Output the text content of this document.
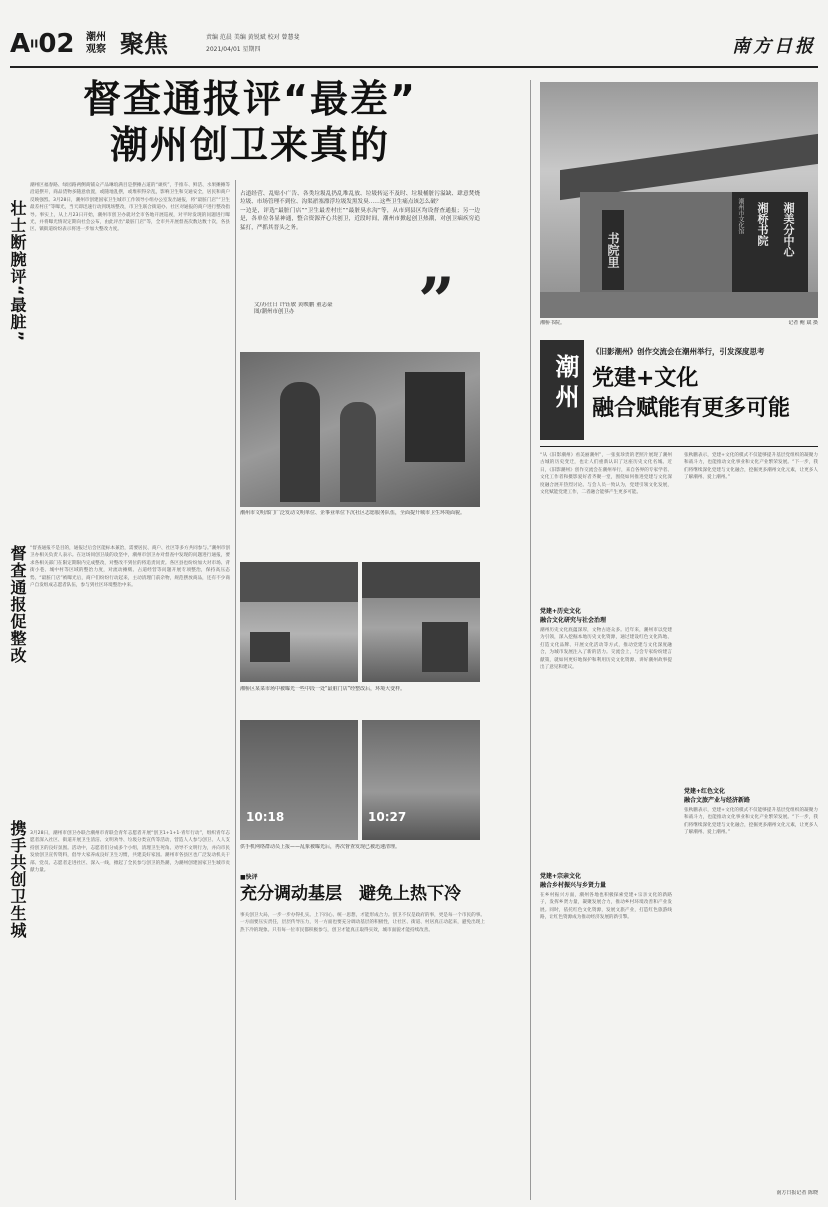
AII02 潮州
观察 聚焦	责编 范晨 美编 黄锐斌 校对 曾慧斐
2021/04/01 星期四	南方日报
督查通报评“最差”
潮州创卫来真的
壮士断腕评“最脏”
督查通报促整改
携手共创卫生城
潮州区福春路、绿园路两侧商铺众产品琳琅满目是摆摊占道的“顽疾”，手推车、鲜活、水果摊摊等沿道摆开，商品货物多随意放置，或随地乱摆，或堆积得杂乱，影响卫生和交通安全，居民和商户反映强烈。3月28日，潮州市创建国家卫生城市工作领导小组办公室发出通报，将“最脏门店”“卫生最差村庄”等曝光，当天即迅速行动到现场整改，市卫生联合街道办、社区对通报的商户进行整改指导。事实上，从上月23日开始，潮州市创卫办就对全市各地开展巡视，对平时发现的问题进行曝光，并将曝光情况定期向社会公布，由此评出“最脏门店”等，全市共开展督查次数达数十次，各县区、镇街道纷纷表示将进一步加大整改力度。
“督查通报不是目的，通报过后会区能标本兼治，需要居民、商户、社区等多方共同参与。”潮州市创卫办相关负责人表示。在这场同创卫战的攻坚中，潮州市创卫办对督查中发现的问题进行通报，要求各相关部门在限定期限内完成整改，对整改不到位的将追责问责。各区县也纷纷加大对市场、背街小巷、城中村等区域的整治力度，对流动摊贩、占道经营等问题开展专项整治，保持高压态势。“最脏门店”被曝光后，商户们纷纷行动起来，主动清理门前杂物，规范摆放商品，还有不少商户自发组成志愿者队伍，参与到社区环境整治中来。
3月28日，潮州市创卫办联合潮州市青联会青年志愿者开展“创卫1+1+1·青年行动”，组织青年志愿者深入社区、街道开展卫生清洁、文明劝导、垃圾分类宣传等活动，营造人人参与创卫、人人支持创卫的良好氛围。活动中，志愿者们分成多个小组，清理卫生死角、劝导不文明行为，并向市民发放创卫宣传资料，倡导大家养成良好卫生习惯，共建美好家园。潮州市各县区也广泛发动机关干部、党员、志愿者走进社区、深入一线，掀起了全民参与创卫的热潮，为潮州创建国家卫生城市贡献力量。
占道经营、乱贴小广告、各类垃圾乱扔乱堆乱放、垃圾转运不及时、垃圾桶脏污溢缺、肆意焚烧垃圾、市场管理不到位、沟渠淤塞漂浮垃圾发黑发臭……这些卫生痛点该怎么破？
一边是，评选“最脏门店”“卫生最差村庄”“最脏臭水沟”等，从市到县区均设督查通报；另一边是，各单位各显神通，整合资源齐心共创卫，近段时间，潮州市掀起创卫热潮，对创卫痼疾穷追猛打，严抓其晋头之务。
文/苏仕日 许钰敏 黄映鹏 董志豪
图/潮州市创卫办	”
潮州市文明部门广泛发动文明单位、企事业单位下沉社区志愿服务队伍，全面提升城市卫生环境面貌。
湘桥区某菜市场中被曝光一些中段一处“最脏门店”经整改后，环境大变样。
10:18	10:27
供手机网络群动员上报——乱象被曝光后，再次督查发现已被迅速清理。
■快评
充分调动基层　避免上热下冷
事关创卫大局，一步一步办得扎实。上下同心、统一思想，才能形成合力。创卫不仅是政府的事，更是每一个市民的事。一方面要压实责任，层层传导压力，另一方面也要充分调动基层的积极性，让社区、街道、村居真正动起来，避免出现上热下冷的现象。只有每一位市民都积极参与，创卫才能真正取得实效，城市面貌才能持续改善。
书院里
潮州市文化馆 湘桥书院 湘美分中心
湘桥书院。	记者 鲍 斌 摄
潮州
《旧影潮州》创作交流会在潮州举行，引发深度思考
党建+文化
融合赋能有更多可能
“从《旧影潮州》看美丽潮州”，一张张珍贵的老照片展现了潮州古城的历史变迁，也让人们重新认识了这座历史文化名城。近日，《旧影潮州》创作交流会在潮州举行，来自各界的专家学者、文化工作者和摄影爱好者齐聚一堂，围绕如何推进党建与文化深度融合展开热烈讨论。与会人员一致认为，党建引领文化发展，文化赋能党建工作，二者融合能够产生更多可能。
党建+历史文化
融合文化研究与社会治理
潮州历史文化底蕴深厚，文物古迹众多。近年来，潮州市以党建为引领，深入挖掘本地历史文化资源，通过建设红色文化阵地、打造文化品牌、开展文化活动等方式，推动党建与文化深度融合，为城市发展注入了新的活力。交流会上，与会专家纷纷建言献策，就如何更好地保护和利用历史文化资源、讲好潮州故事提出了意见和建议。
党建+宗亲文化
融合乡村振兴与乡贤力量
在乡村振兴方面，潮州各地也积极探索党建+宗亲文化的新路子，发挥乡贤力量，凝聚发展合力，推动乡村环境改善和产业发展。同时，依托红色文化资源，发展文旅产业，打造红色旅游线路，让红色资源成为推动经济发展的新引擎。
张秋鹏表示，党建+文化的模式不仅能够提升基层党组织的凝聚力和战斗力，也能推动文化事业和文化产业繁荣发展。“下一步，我们将继续深化党建与文化融合，挖掘更多潮州文化元素，让更多人了解潮州、爱上潮州。”
党建+红色文化
融合文旅产业与经济新路
张秋鹏表示，党建+文化的模式不仅能够提升基层党组织的凝聚力和战斗力，也能推动文化事业和文化产业繁荣发展。“下一步，我们将继续深化党建与文化融合，挖掘更多潮州文化元素，让更多人了解潮州、爱上潮州。”
南方日报记者 陈晓
